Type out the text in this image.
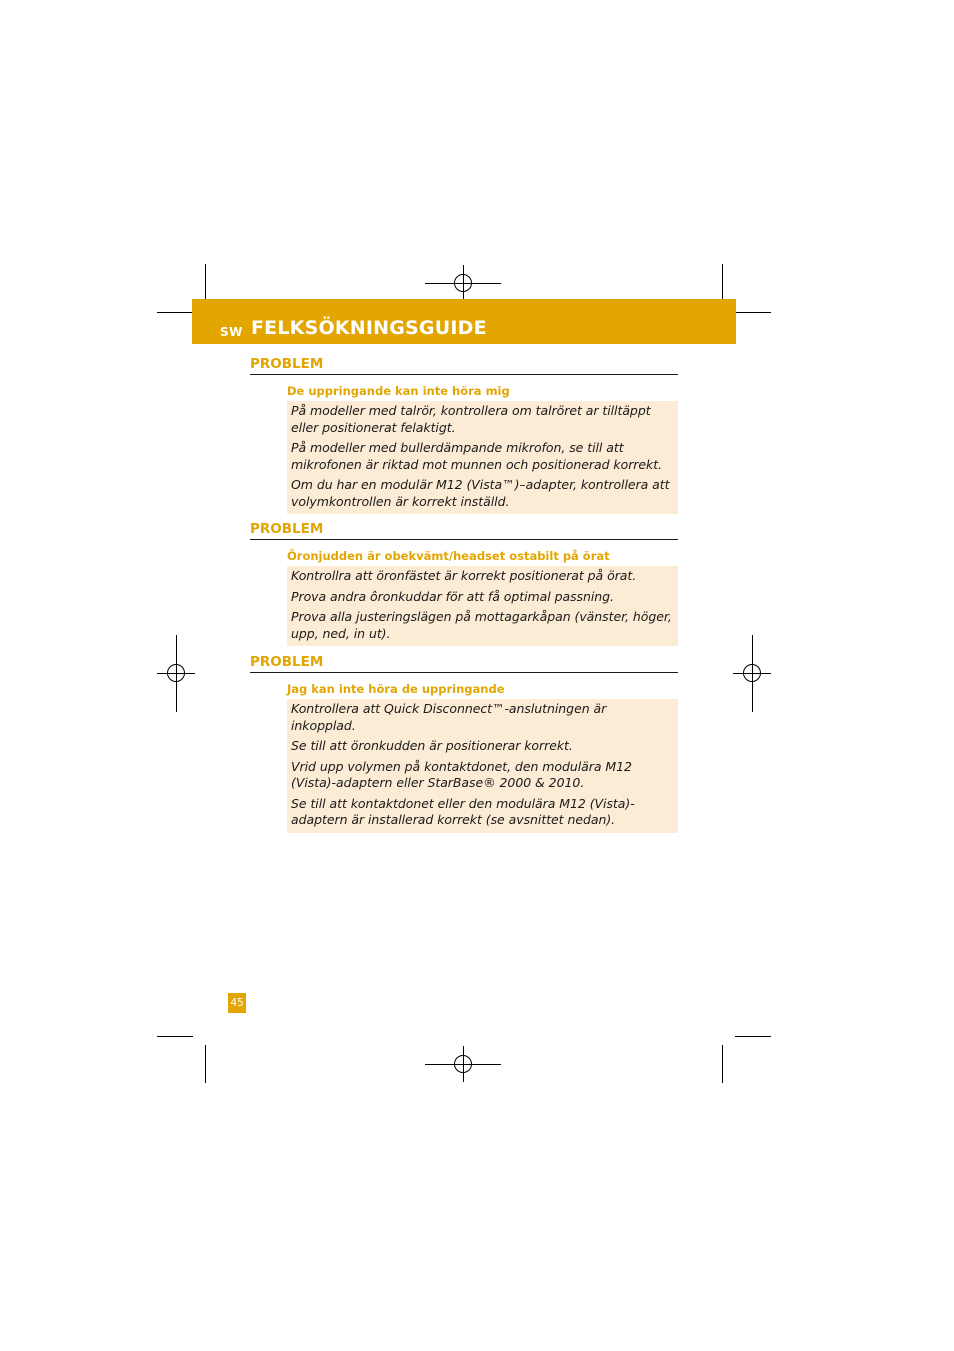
SW FELKSÖKNINGSGUIDE
PROBLEM
De uppringande kan inte höra mig

På modeller med talrör, kontrollera om talröret ar tilltäppt eller positionerat felaktigt.

På modeller med bullerdämpande mikrofon, se till att mikrofonen är riktad mot munnen och positionerad korrekt.

Om du har en modulär M12 (Vista™)–adapter, kontrollera att volymkontrollen är korrekt inställd.

PROBLEM
Öronjudden är obekvämt/headset ostabilt på örat

Kontrollra att öronfästet är korrekt positionerat på örat.

Prova andra ôronkuddar för att få optimal passning.

Prova alla justeringslägen på mottagarkåpan (vänster, höger, upp, ned, in ut).

PROBLEM
Jag kan inte höra de uppringande

Kontrollera att Quick Disconnect™-anslutningen är inkopplad.

Se till att öronkudden är positionerar korrekt.

Vrid upp volymen på kontaktdonet, den modulära M12 (Vista)-adaptern eller StarBase® 2000 & 2010.

Se till att kontaktdonet eller den modulära M12 (Vista)-adaptern är installerad korrekt (se avsnittet nedan).

45
